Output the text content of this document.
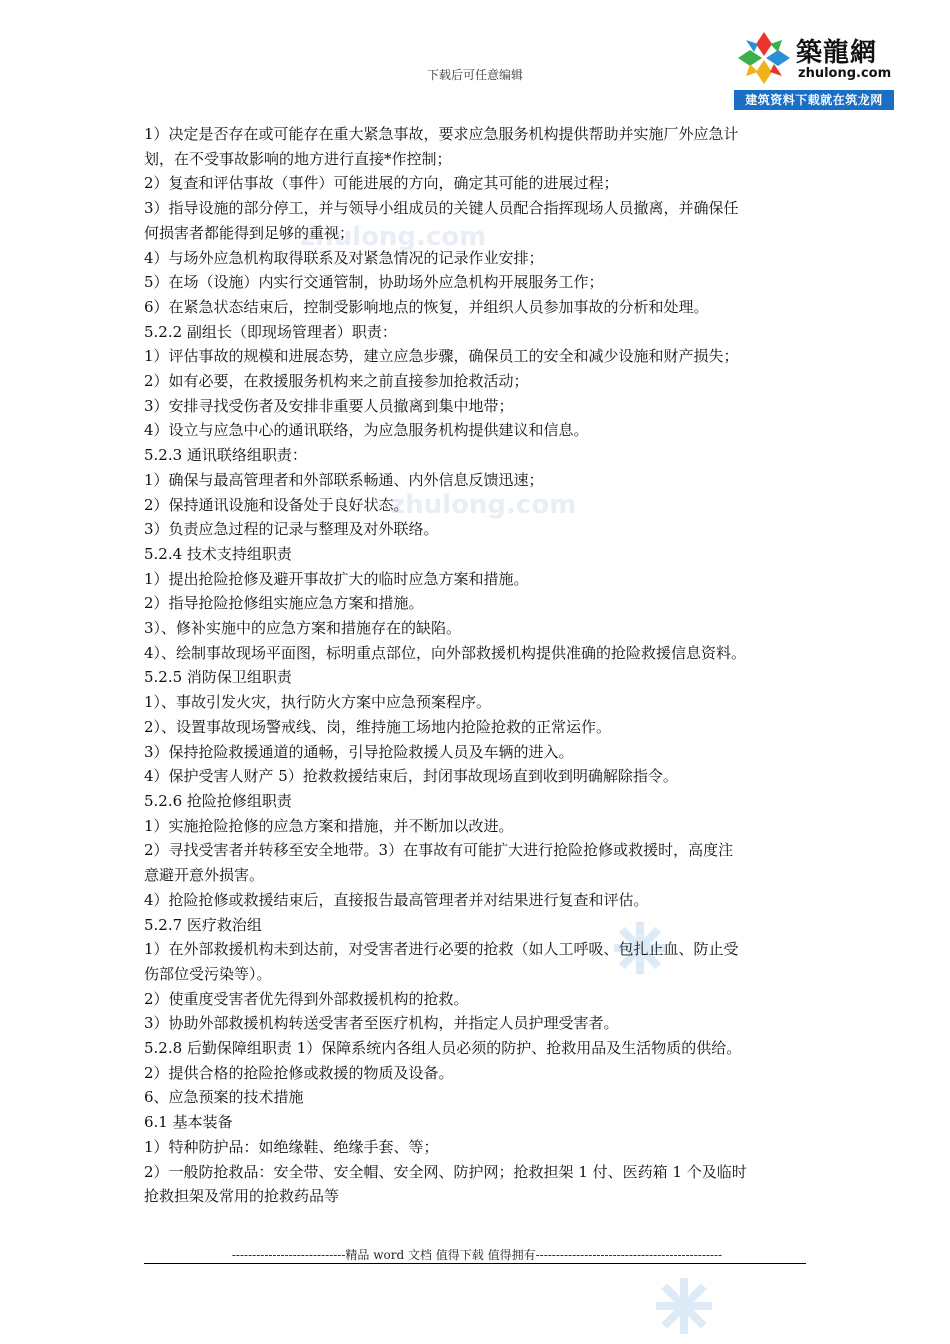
zhulong.com
zhulong.com
下载后可任意编辑
築龍網
zhulong.com
建筑资料下载就在筑龙网

1）决定是否存在或可能存在重大紧急事故，要求应急服务机构提供帮助并实施厂外应急计

划，在不受事故影响的地方进行直接*作控制；

2）复查和评估事故（事件）可能进展的方向，确定其可能的进展过程；

3）指导设施的部分停工，并与领导小组成员的关键人员配合指挥现场人员撤离，并确保任

何损害者都能得到足够的重视；

4）与场外应急机构取得联系及对紧急情况的记录作业安排；

5）在场（设施）内实行交通管制，协助场外应急机构开展服务工作；

6）在紧急状态结束后，控制受影响地点的恢复，并组织人员参加事故的分析和处理。

5.2.2 副组长（即现场管理者）职责：

1）评估事故的规模和进展态势，建立应急步骤，确保员工的安全和减少设施和财产损失；

2）如有必要，在救援服务机构来之前直接参加抢救活动；

3）安排寻找受伤者及安排非重要人员撤离到集中地带；

4）设立与应急中心的通讯联络，为应急服务机构提供建议和信息。

5.2.3 通讯联络组职责：

1）确保与最高管理者和外部联系畅通、内外信息反馈迅速；

2）保持通讯设施和设备处于良好状态。

3）负责应急过程的记录与整理及对外联络。

5.2.4 技术支持组职责

1）提出抢险抢修及避开事故扩大的临时应急方案和措施。

2）指导抢险抢修组实施应急方案和措施。

3）、修补实施中的应急方案和措施存在的缺陷。

4）、绘制事故现场平面图，标明重点部位，向外部救援机构提供准确的抢险救援信息资料。

5.2.5 消防保卫组职责

1）、事故引发火灾，执行防火方案中应急预案程序。

2）、设置事故现场警戒线、岗，维持施工场地内抢险抢救的正常运作。

3）保持抢险救援通道的通畅，引导抢险救援人员及车辆的进入。

4）保护受害人财产 5）抢救救援结束后，封闭事故现场直到收到明确解除指令。

5.2.6 抢险抢修组职责

1）实施抢险抢修的应急方案和措施，并不断加以改进。

2）寻找受害者并转移至安全地带。3）在事故有可能扩大进行抢险抢修或救援时，高度注

意避开意外损害。

4）抢险抢修或救援结束后，直接报告最高管理者并对结果进行复查和评估。

5.2.7 医疗救治组

1）在外部救援机构未到达前，对受害者进行必要的抢救（如人工呼吸、包扎止血、防止受

伤部位受污染等）。

2）使重度受害者优先得到外部救援机构的抢救。

3）协助外部救援机构转送受害者至医疗机构，并指定人员护理受害者。

5.2.8 后勤保障组职责 1）保障系统内各组人员必须的防护、抢救用品及生活物质的供给。

2）提供合格的抢险抢修或救援的物质及设备。

6、应急预案的技术措施

6.1 基本装备

1）特种防护品：如绝缘鞋、绝缘手套、等；

2）一般防抢救品：安全带、安全帽、安全网、防护网；抢救担架 1 付、医药箱 1 个及临时

抢救担架及常用的抢救药品等

----------------------------精品 word 文档 值得下载 值得拥有----------------------------------------------
